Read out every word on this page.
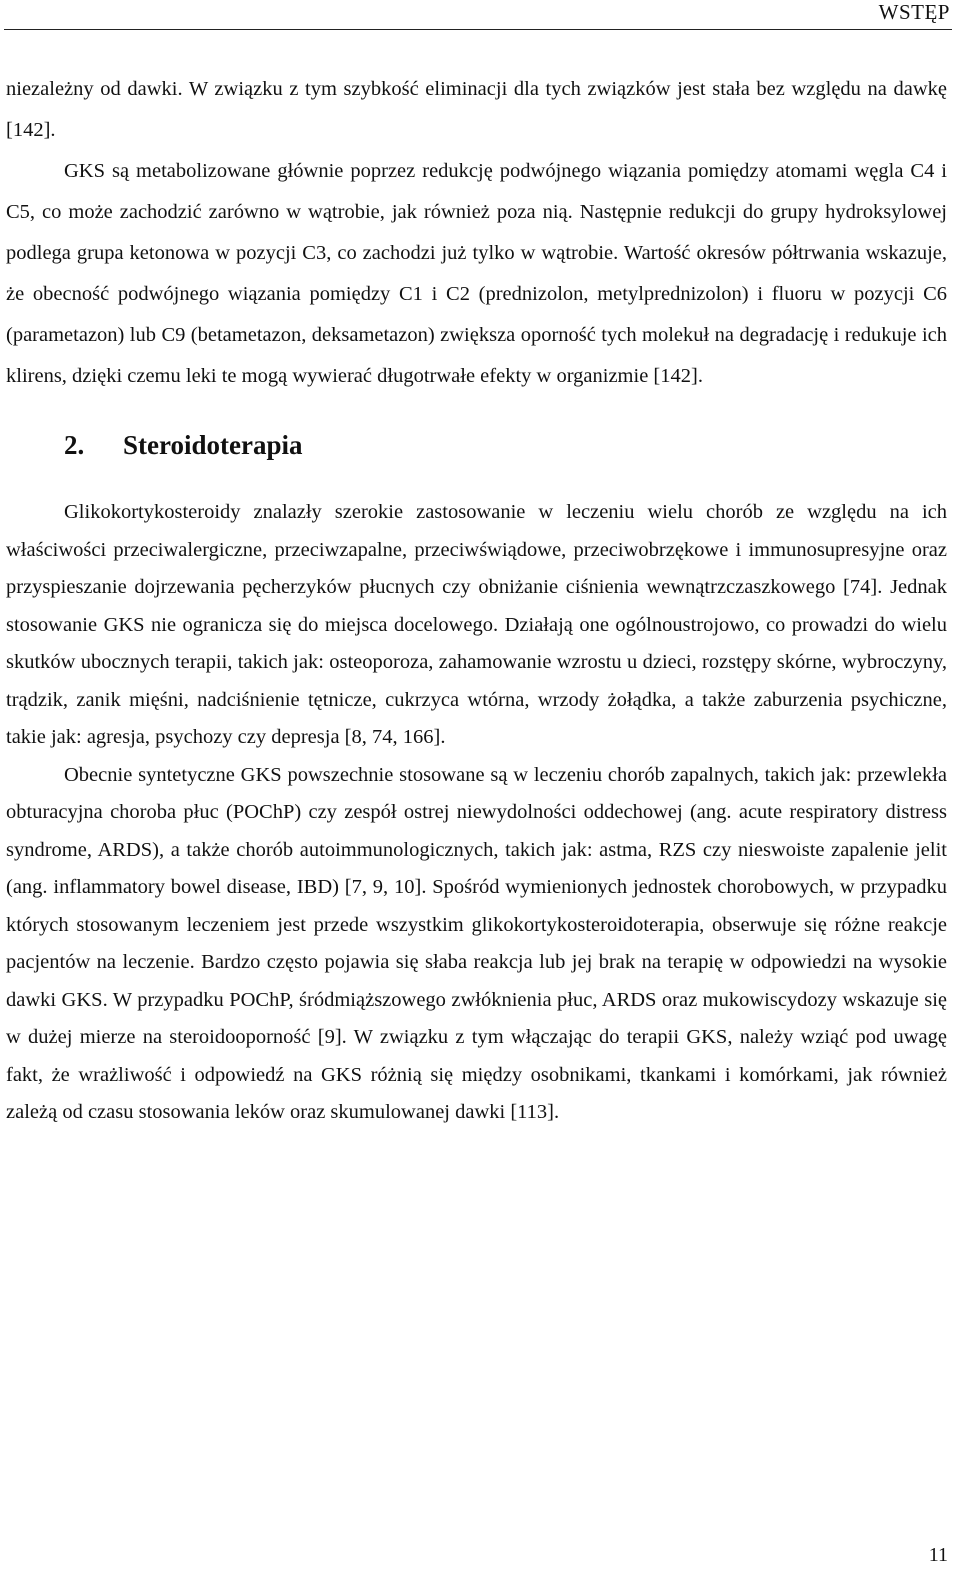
WSTĘP

niezależny od dawki. W związku z tym szybkość eliminacji dla tych związków jest stała bez względu na dawkę [142].

GKS są metabolizowane głównie poprzez redukcję podwójnego wiązania pomiędzy atomami węgla C4 i C5, co może zachodzić zarówno w wątrobie, jak również poza nią. Następnie redukcji do grupy hydroksylowej podlega grupa ketonowa w pozycji C3, co zachodzi już tylko w wątrobie. Wartość okresów półtrwania wskazuje, że obecność podwójnego wiązania pomiędzy C1 i C2 (prednizolon, metylprednizolon) i fluoru w pozycji C6 (parametazon) lub C9 (betametazon, deksametazon) zwiększa oporność tych molekuł na degradację i redukuje ich klirens, dzięki czemu leki te mogą wywierać długotrwałe efekty w organizmie [142].

2.	Steroidoterapia

Glikokortykosteroidy znalazły szerokie zastosowanie w leczeniu wielu chorób ze względu na ich właściwości przeciwalergiczne, przeciwzapalne, przeciwświądowe, przeciwobrzękowe i immunosupresyjne oraz przyspieszanie dojrzewania pęcherzyków płucnych czy obniżanie ciśnienia wewnątrzczaszkowego [74]. Jednak stosowanie GKS nie ogranicza się do miejsca docelowego. Działają one ogólnoustrojowo, co prowadzi do wielu skutków ubocznych terapii, takich jak: osteoporoza, zahamowanie wzrostu u dzieci, rozstępy skórne, wybroczyny, trądzik, zanik mięśni, nadciśnienie tętnicze, cukrzyca wtórna, wrzody żołądka, a także zaburzenia psychiczne, takie jak: agresja, psychozy czy depresja [8, 74, 166].

Obecnie syntetyczne GKS powszechnie stosowane są w leczeniu chorób zapalnych, takich jak: przewlekła obturacyjna choroba płuc (POChP) czy zespół ostrej niewydolności oddechowej (ang. acute respiratory distress syndrome, ARDS), a także chorób autoimmunologicznych, takich jak: astma, RZS czy nieswoiste zapalenie jelit (ang. inflammatory bowel disease, IBD) [7, 9, 10]. Spośród wymienionych jednostek chorobowych, w przypadku których stosowanym leczeniem jest przede wszystkim glikokortykosteroidoterapia, obserwuje się różne reakcje pacjentów na leczenie. Bardzo często pojawia się słaba reakcja lub jej brak na terapię w odpowiedzi na wysokie dawki GKS. W przypadku POChP, śródmiąższowego zwłóknienia płuc, ARDS oraz mukowiscydozy wskazuje się w dużej mierze na steroidooporność [9]. W związku z tym włączając do terapii GKS, należy wziąć pod uwagę fakt, że wrażliwość i odpowiedź na GKS różnią się między osobnikami, tkankami i komórkami, jak również zależą od czasu stosowania leków oraz skumulowanej dawki [113].

11
